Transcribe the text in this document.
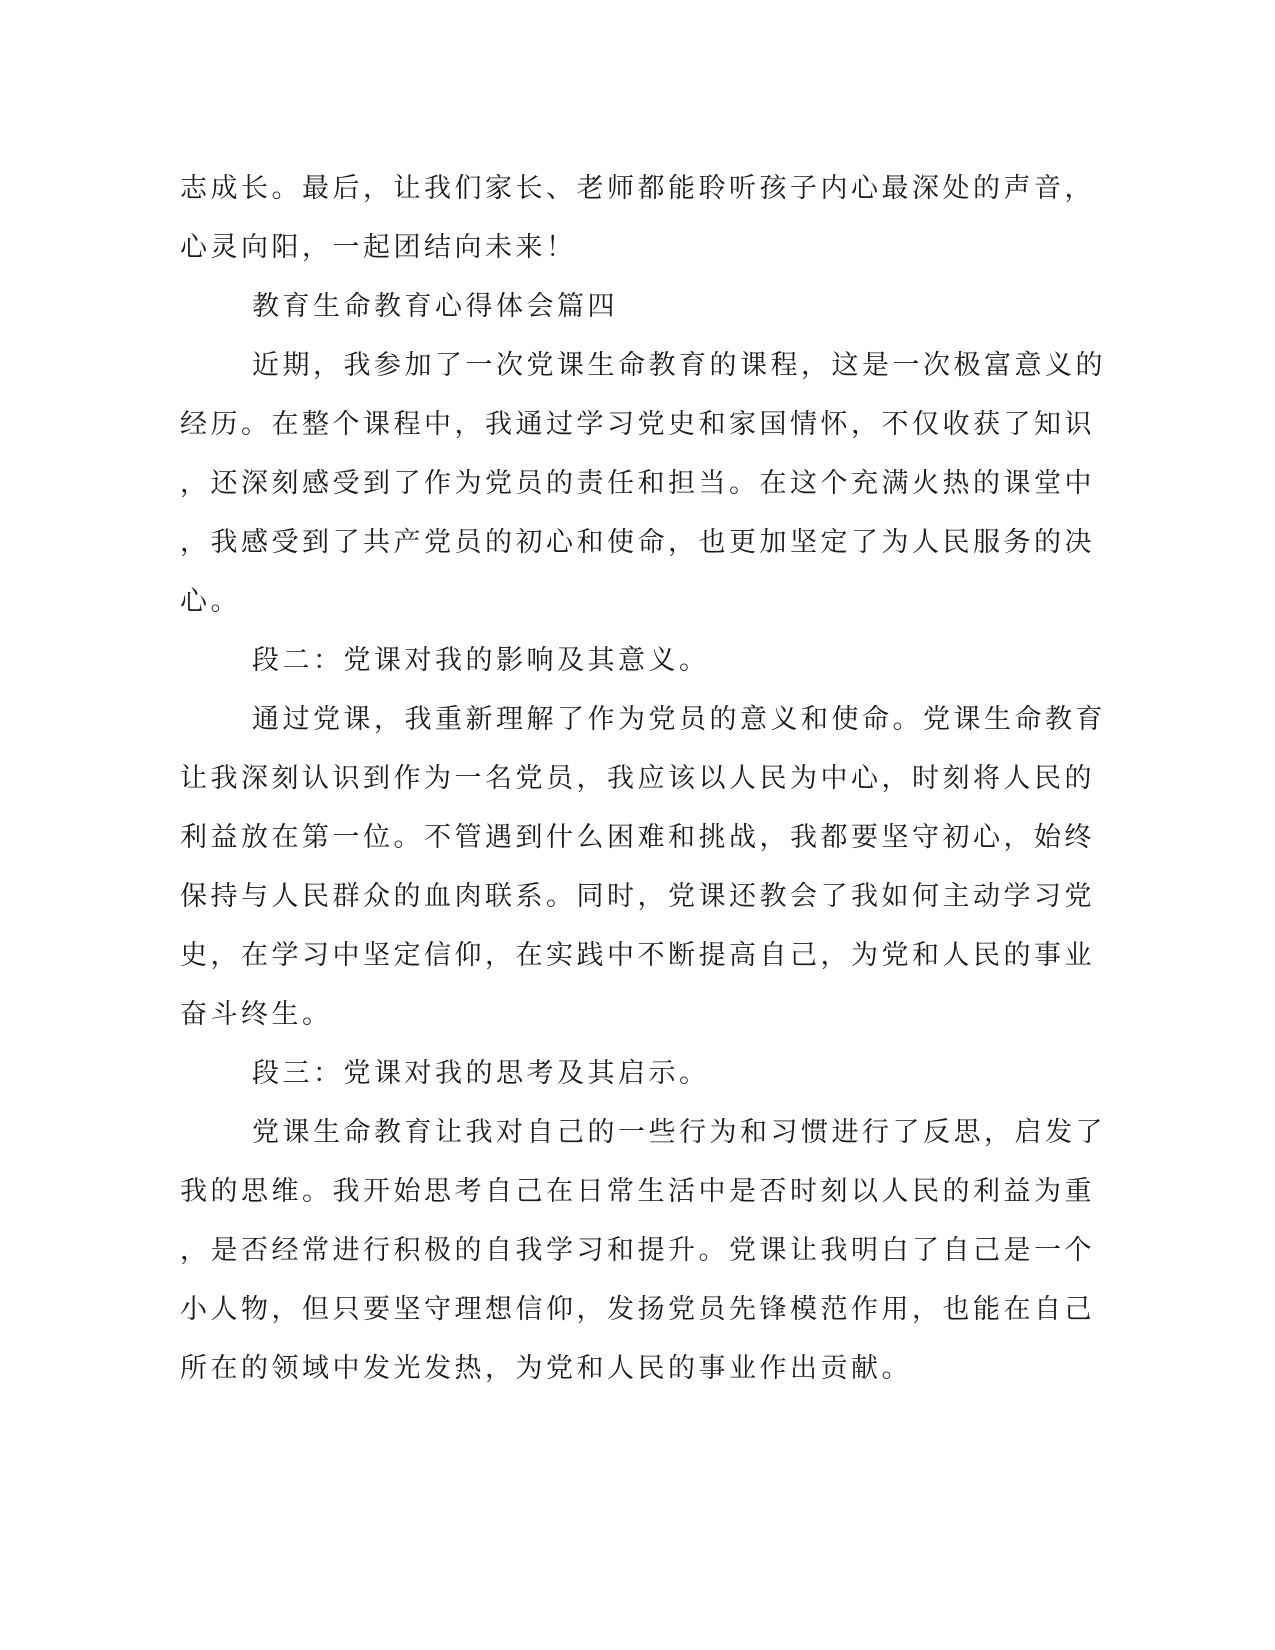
志成长。最后，让我们家长、老师都能聆听孩子内心最深处的声音，
心灵向阳，一起团结向未来！
教育生命教育心得体会篇四
近期，我参加了一次党课生命教育的课程，这是一次极富意义的
经历。在整个课程中，我通过学习党史和家国情怀，不仅收获了知识
，还深刻感受到了作为党员的责任和担当。在这个充满火热的课堂中
，我感受到了共产党员的初心和使命，也更加坚定了为人民服务的决
心。
段二：党课对我的影响及其意义。
通过党课，我重新理解了作为党员的意义和使命。党课生命教育
让我深刻认识到作为一名党员，我应该以人民为中心，时刻将人民的
利益放在第一位。不管遇到什么困难和挑战，我都要坚守初心，始终
保持与人民群众的血肉联系。同时，党课还教会了我如何主动学习党
史，在学习中坚定信仰，在实践中不断提高自己，为党和人民的事业
奋斗终生。
段三：党课对我的思考及其启示。
党课生命教育让我对自己的一些行为和习惯进行了反思，启发了
我的思维。我开始思考自己在日常生活中是否时刻以人民的利益为重
，是否经常进行积极的自我学习和提升。党课让我明白了自己是一个
小人物，但只要坚守理想信仰，发扬党员先锋模范作用，也能在自己
所在的领域中发光发热，为党和人民的事业作出贡献。
